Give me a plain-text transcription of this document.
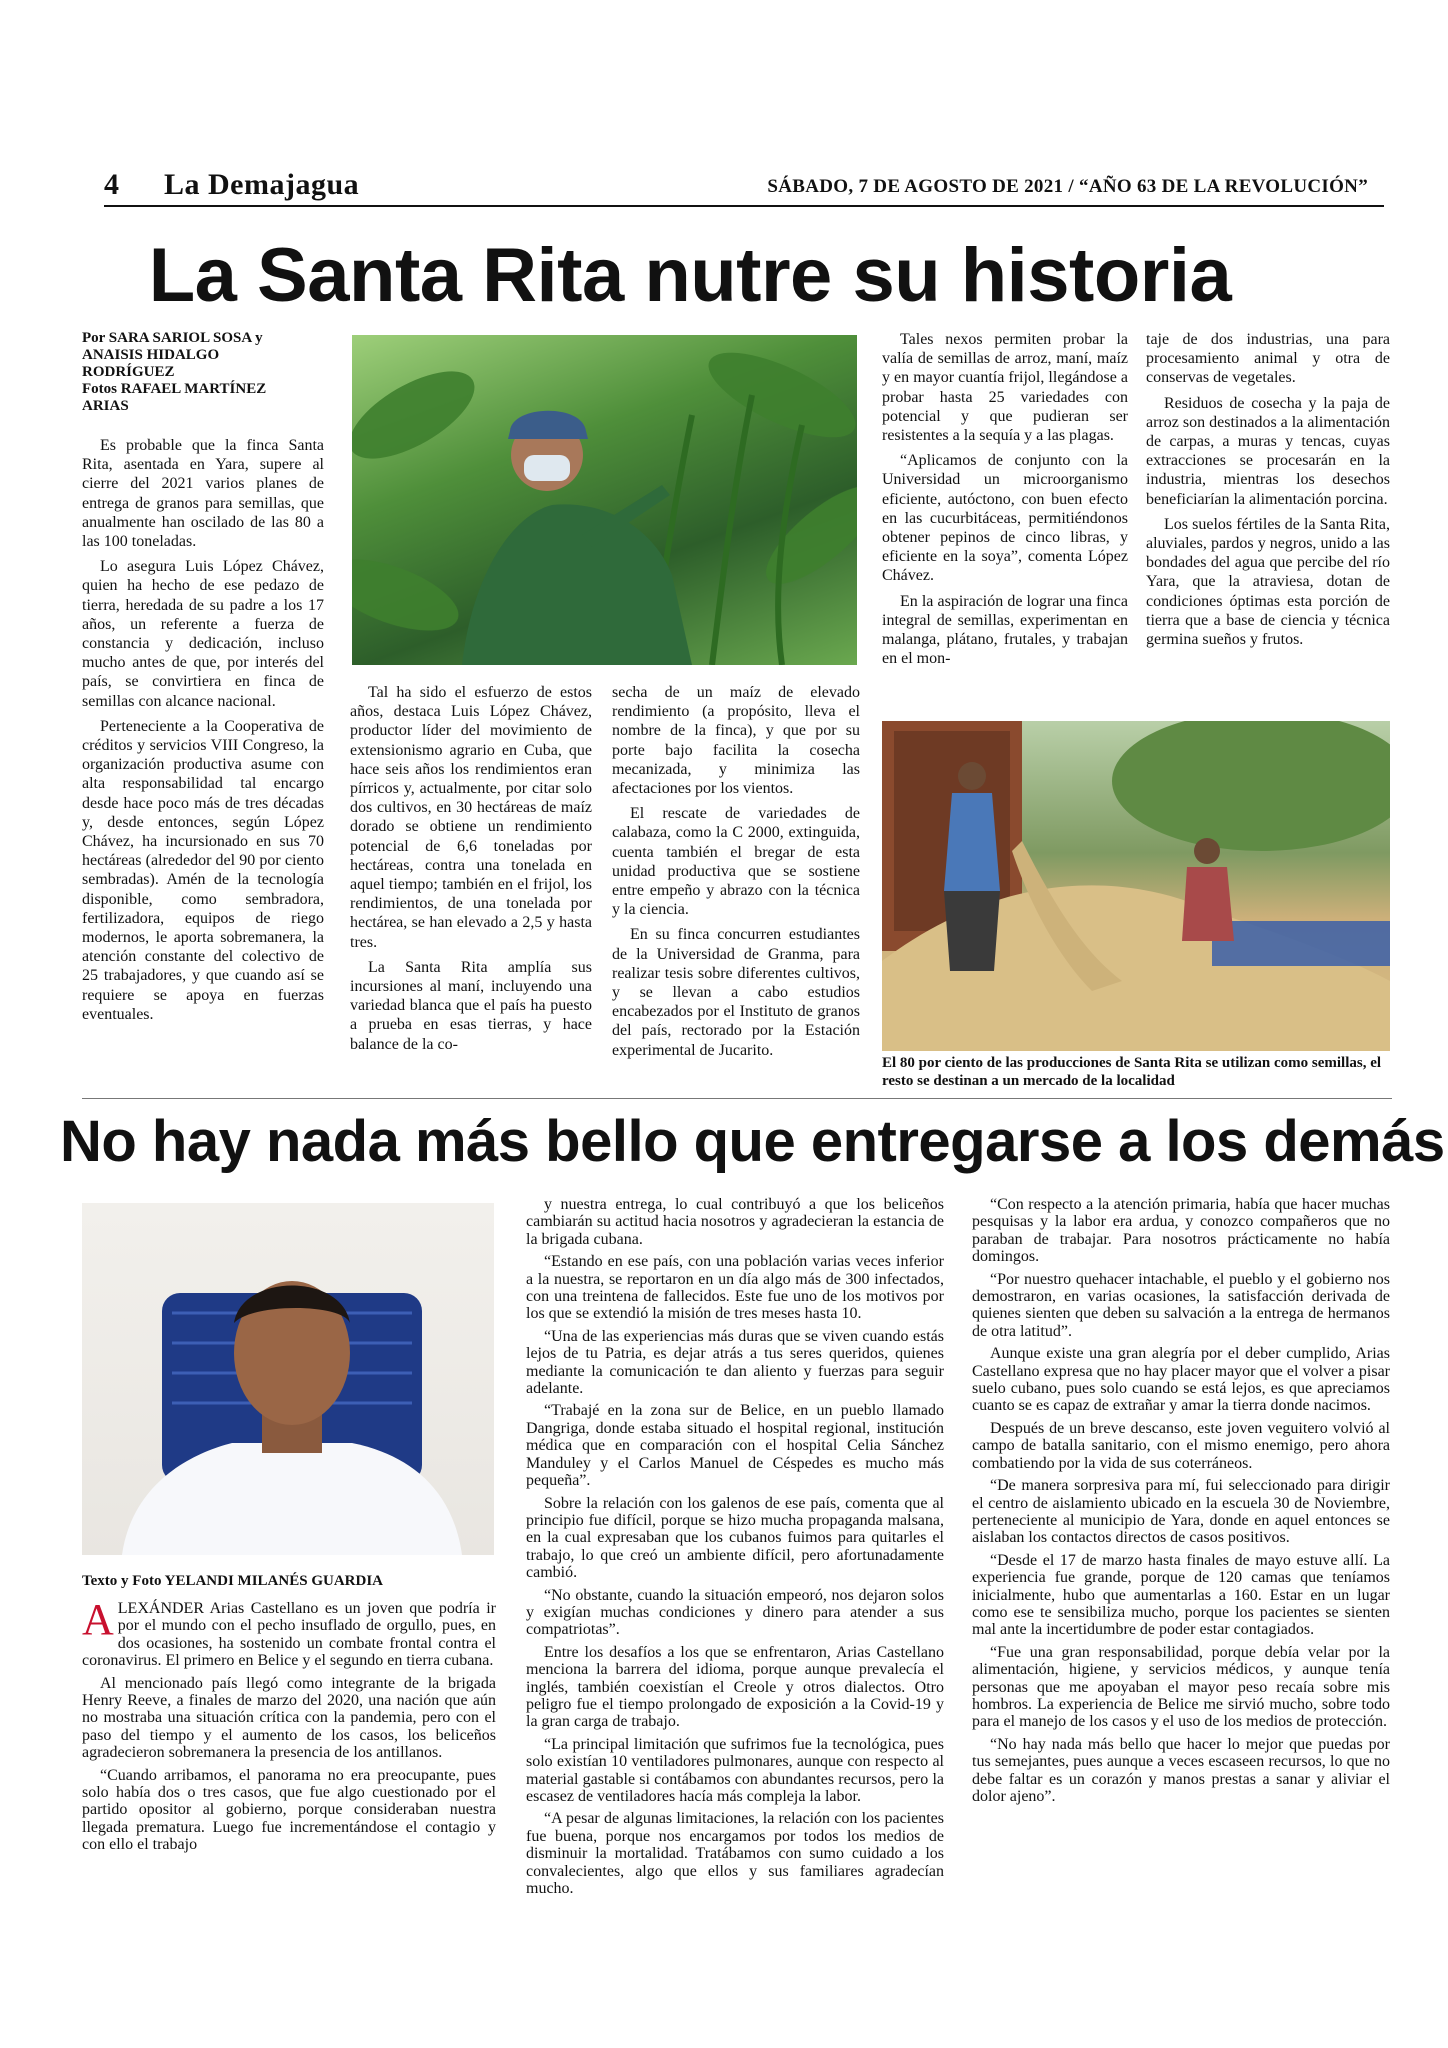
4 La Demajagua	SÁBADO, 7 DE AGOSTO DE 2021 / “AÑO 63 DE LA REVOLUCIÓN”
La Santa Rita nutre su historia
Por SARA SARIOL SOSA y
ANAISIS HIDALGO
RODRÍGUEZ
Fotos RAFAEL MARTÍNEZ
ARIAS

Es probable que la finca Santa Rita, asentada en Yara, supere al cierre del 2021 varios planes de entrega de granos para semillas, que anualmente han oscilado de las 80 a las 100 toneladas.

Lo asegura Luis López Chávez, quien ha hecho de ese pedazo de tierra, heredada de su padre a los 17 años, un referente a fuerza de constancia y dedicación, incluso mucho antes de que, por interés del país, se convirtiera en finca de semillas con alcance nacional.

Perteneciente a la Cooperativa de créditos y servicios VIII Congreso, la organización productiva asume con alta responsabilidad tal encargo desde hace poco más de tres décadas y, desde entonces, según López Chávez, ha incursionado en sus 70 hectáreas (alrededor del 90 por ciento sembradas). Amén de la tecnología disponible, como sembradora, fertilizadora, equipos de riego modernos, le aporta sobremanera, la atención constante del colectivo de 25 trabajadores, y que cuando así se requiere se apoya en fuerzas eventuales.

Tal ha sido el esfuerzo de estos años, destaca Luis López Chávez, productor líder del movimiento de extensionismo agrario en Cuba, que hace seis años los rendimientos eran pírricos y, actualmente, por citar solo dos cultivos, en 30 hectáreas de maíz dorado se obtiene un rendimiento potencial de 6,6 toneladas por hectáreas, contra una tonelada en aquel tiempo; también en el frijol, los rendimientos, de una tonelada por hectárea, se han elevado a 2,5 y hasta tres.

La Santa Rita amplía sus incursiones al maní, incluyendo una variedad blanca que el país ha puesto a prueba en esas tierras, y hace balance de la co-

secha de un maíz de elevado rendimiento (a propósito, lleva el nombre de la finca), y que por su porte bajo facilita la cosecha mecanizada, y minimiza las afectaciones por los vientos.

El rescate de variedades de calabaza, como la C 2000, extinguida, cuenta también el bregar de esta unidad productiva que se sostiene entre empeño y abrazo con la técnica y la ciencia.

En su finca concurren estudiantes de la Universidad de Granma, para realizar tesis sobre diferentes cultivos, y se llevan a cabo estudios encabezados por el Instituto de granos del país, rectorado por la Estación experimental de Jucarito.

Tales nexos permiten probar la valía de semillas de arroz, maní, maíz y en mayor cuantía frijol, llegándose a probar hasta 25 variedades con potencial y que pudieran ser resistentes a la sequía y a las plagas.

“Aplicamos de conjunto con la Universidad un microorganismo eficiente, autóctono, con buen efecto en las cucurbitáceas, permitiéndonos obtener pepinos de cinco libras, y eficiente en la soya”, comenta López Chávez.

En la aspiración de lograr una finca integral de semillas, experimentan en malanga, plátano, frutales, y trabajan en el mon-

taje de dos industrias, una para procesamiento animal y otra de conservas de vegetales.

Residuos de cosecha y la paja de arroz son destinados a la alimentación de carpas, a muras y tencas, cuyas extracciones se procesarán en la industria, mientras los desechos beneficiarían la alimentación porcina.

Los suelos fértiles de la Santa Rita, aluviales, pardos y negros, unido a las bondades del agua que percibe del río Yara, que la atraviesa, dotan de condiciones óptimas esta porción de tierra que a base de ciencia y técnica germina sueños y frutos.

El 80 por ciento de las producciones de Santa Rita se utilizan como semillas, el resto se destinan a un mercado de la localidad
No hay nada más bello que entregarse a los demás
Texto y Foto YELANDI MILANÉS GUARDIA

ALEXÁNDER Arias Castellano es un joven que podría ir por el mundo con el pecho insuflado de orgullo, pues, en dos ocasiones, ha sostenido un combate frontal contra el coronavirus. El primero en Belice y el segundo en tierra cubana.

Al mencionado país llegó como integrante de la brigada Henry Reeve, a finales de marzo del 2020, una nación que aún no mostraba una situación crítica con la pandemia, pero con el paso del tiempo y el aumento de los casos, los beliceños agradecieron sobremanera la presencia de los antillanos.

“Cuando arribamos, el panorama no era preocupante, pues solo había dos o tres casos, que fue algo cuestionado por el partido opositor al gobierno, porque consideraban nuestra llegada prematura. Luego fue incrementándose el contagio y con ello el trabajo

y nuestra entrega, lo cual contribuyó a que los beliceños cambiarán su actitud hacia nosotros y agradecieran la estancia de la brigada cubana.

“Estando en ese país, con una población varias veces inferior a la nuestra, se reportaron en un día algo más de 300 infectados, con una treintena de fallecidos. Este fue uno de los motivos por los que se extendió la misión de tres meses hasta 10.

“Una de las experiencias más duras que se viven cuando estás lejos de tu Patria, es dejar atrás a tus seres queridos, quienes mediante la comunicación te dan aliento y fuerzas para seguir adelante.

“Trabajé en la zona sur de Belice, en un pueblo llamado Dangriga, donde estaba situado el hospital regional, institución médica que en comparación con el hospital Celia Sánchez Manduley y el Carlos Manuel de Céspedes es mucho más pequeña”.

Sobre la relación con los galenos de ese país, comenta que al principio fue difícil, porque se hizo mucha propaganda malsana, en la cual expresaban que los cubanos fuimos para quitarles el trabajo, lo que creó un ambiente difícil, pero afortunadamente cambió.

“No obstante, cuando la situación empeoró, nos dejaron solos y exigían muchas condiciones y dinero para atender a sus compatriotas”.

Entre los desafíos a los que se enfrentaron, Arias Castellano menciona la barrera del idioma, porque aunque prevalecía el inglés, también coexistían el Creole y otros dialectos. Otro peligro fue el tiempo prolongado de exposición a la Covid-19 y la gran carga de trabajo.

“La principal limitación que sufrimos fue la tecnológica, pues solo existían 10 ventiladores pulmonares, aunque con respecto al material gastable si contábamos con abundantes recursos, pero la escasez de ventiladores hacía más compleja la labor.

“A pesar de algunas limitaciones, la relación con los pacientes fue buena, porque nos encargamos por todos los medios de disminuir la mortalidad. Tratábamos con sumo cuidado a los convalecientes, algo que ellos y sus familiares agradecían mucho.

“Con respecto a la atención primaria, había que hacer muchas pesquisas y la labor era ardua, y conozco compañeros que no paraban de trabajar. Para nosotros prácticamente no había domingos.

“Por nuestro quehacer intachable, el pueblo y el gobierno nos demostraron, en varias ocasiones, la satisfacción derivada de quienes sienten que deben su salvación a la entrega de hermanos de otra latitud”.

Aunque existe una gran alegría por el deber cumplido, Arias Castellano expresa que no hay placer mayor que el volver a pisar suelo cubano, pues solo cuando se está lejos, es que apreciamos cuanto se es capaz de extrañar y amar la tierra donde nacimos.

Después de un breve descanso, este joven veguitero volvió al campo de batalla sanitario, con el mismo enemigo, pero ahora combatiendo por la vida de sus coterráneos.

“De manera sorpresiva para mí, fui seleccionado para dirigir el centro de aislamiento ubicado en la escuela 30 de Noviembre, perteneciente al municipio de Yara, donde en aquel entonces se aislaban los contactos directos de casos positivos.

“Desde el 17 de marzo hasta finales de mayo estuve allí. La experiencia fue grande, porque de 120 camas que teníamos inicialmente, hubo que aumentarlas a 160. Estar en un lugar como ese te sensibiliza mucho, porque los pacientes se sienten mal ante la incertidumbre de poder estar contagiados.

“Fue una gran responsabilidad, porque debía velar por la alimentación, higiene, y servicios médicos, y aunque tenía personas que me apoyaban el mayor peso recaía sobre mis hombros. La experiencia de Belice me sirvió mucho, sobre todo para el manejo de los casos y el uso de los medios de protección.

“No hay nada más bello que hacer lo mejor que puedas por tus semejantes, pues aunque a veces escaseen recursos, lo que no debe faltar es un corazón y manos prestas a sanar y aliviar el dolor ajeno”.
